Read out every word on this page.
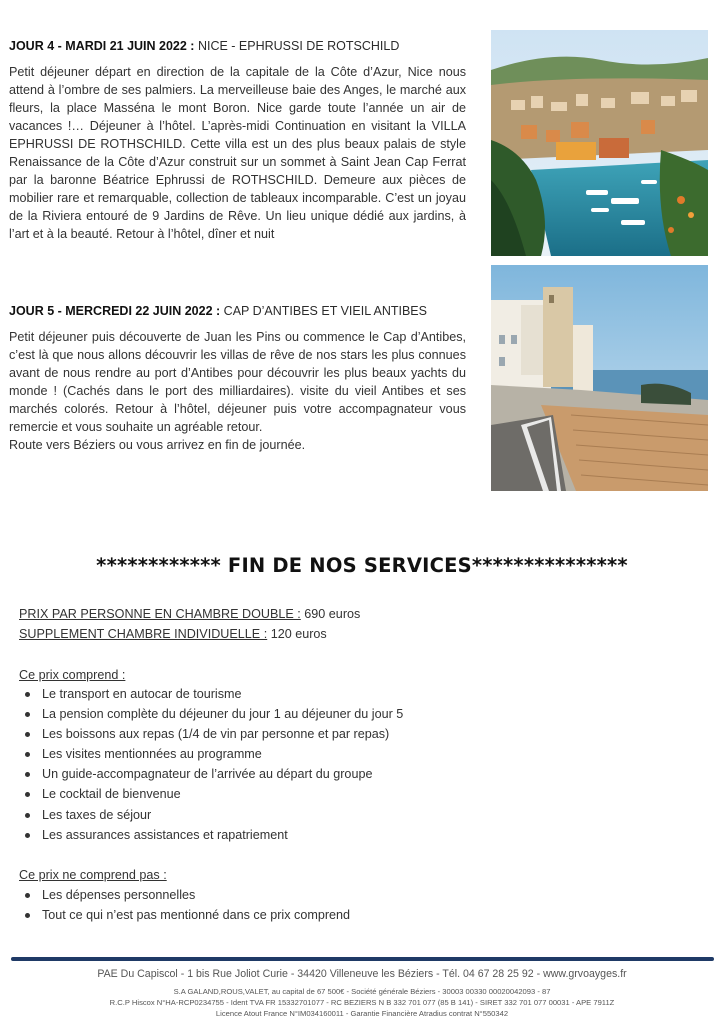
JOUR 4 - MARDI 21 JUIN 2022 : NICE - EPHRUSSI DE ROTSCHILD

Petit déjeuner départ en direction de la capitale de la Côte d’Azur, Nice nous attend à l’ombre de ses palmiers. La merveilleuse baie des Anges, le marché aux fleurs, la place Masséna le mont Boron. Nice garde toute l’année un air de vacances !… Déjeuner à l’hôtel. L’après-midi Continuation en visitant la VILLA EPHRUSSI DE ROTHSCHILD. Cette villa est un des plus beaux palais de style Renaissance de la Côte d’Azur construit sur un sommet à Saint Jean Cap Ferrat par la baronne Béatrice Ephrussi de ROTHSCHILD. Demeure aux pièces de mobilier rare et remarquable, collection de tableaux incomparable. C’est un joyau de la Riviera entouré de 9 Jardins de Rêve. Un lieu unique dédié aux jardins, à l’art et à la beauté. Retour à l’hôtel, dîner et nuit

JOUR 5 - MERCREDI 22 JUIN 2022 : CAP D’ANTIBES ET VIEIL ANTIBES

Petit déjeuner puis découverte de Juan les Pins ou commence le Cap d’Antibes, c’est là que nous allons découvrir les villas de rêve de nos stars les plus connues avant de nous rendre au port d’Antibes pour découvrir les plus beaux yachts du monde ! (Cachés dans le port des milliardaires). visite du vieil Antibes et ses marchés colorés. Retour à l’hôtel, déjeuner puis votre accompagnateur vous remercie et vous souhaite un agréable retour.

Route vers Béziers ou vous arrivez en fin de journée.

************ FIN DE NOS SERVICES***************
PRIX PAR PERSONNE EN CHAMBRE DOUBLE : 690 euros
SUPPLEMENT CHAMBRE INDIVIDUELLE : 120 euros
Ce prix comprend :
Le transport en autocar de tourisme
La pension complète du déjeuner du jour 1 au déjeuner du jour 5
Les boissons aux repas (1/4 de vin par personne et par repas)
Les visites mentionnées au programme
Un guide-accompagnateur de l’arrivée au départ du groupe
Le cocktail de bienvenue
Les taxes de séjour
Les assurances assistances et rapatriement
Ce prix ne comprend pas :
Les dépenses personnelles
Tout ce qui n’est pas mentionné dans ce prix comprend
PAE Du Capiscol - 1 bis Rue Joliot Curie - 34420 Villeneuve les Béziers - Tél. 04 67 28 25 92 - www.grvoayges.fr
S.A GALAND,ROUS,VALET, au capital de 67 500€ - Société générale Béziers - 30003 00330 00020042093 - 87
R.C.P Hiscox N°HA-RCP0234755 - Ident TVA FR 15332701077 - RC BEZIERS N B 332 701 077 (85 B 141) - SIRET 332 701 077 00031 - APE 7911Z
Licence Atout France N°IM034160011 - Garantie Financière Atradius contrat N°550342
